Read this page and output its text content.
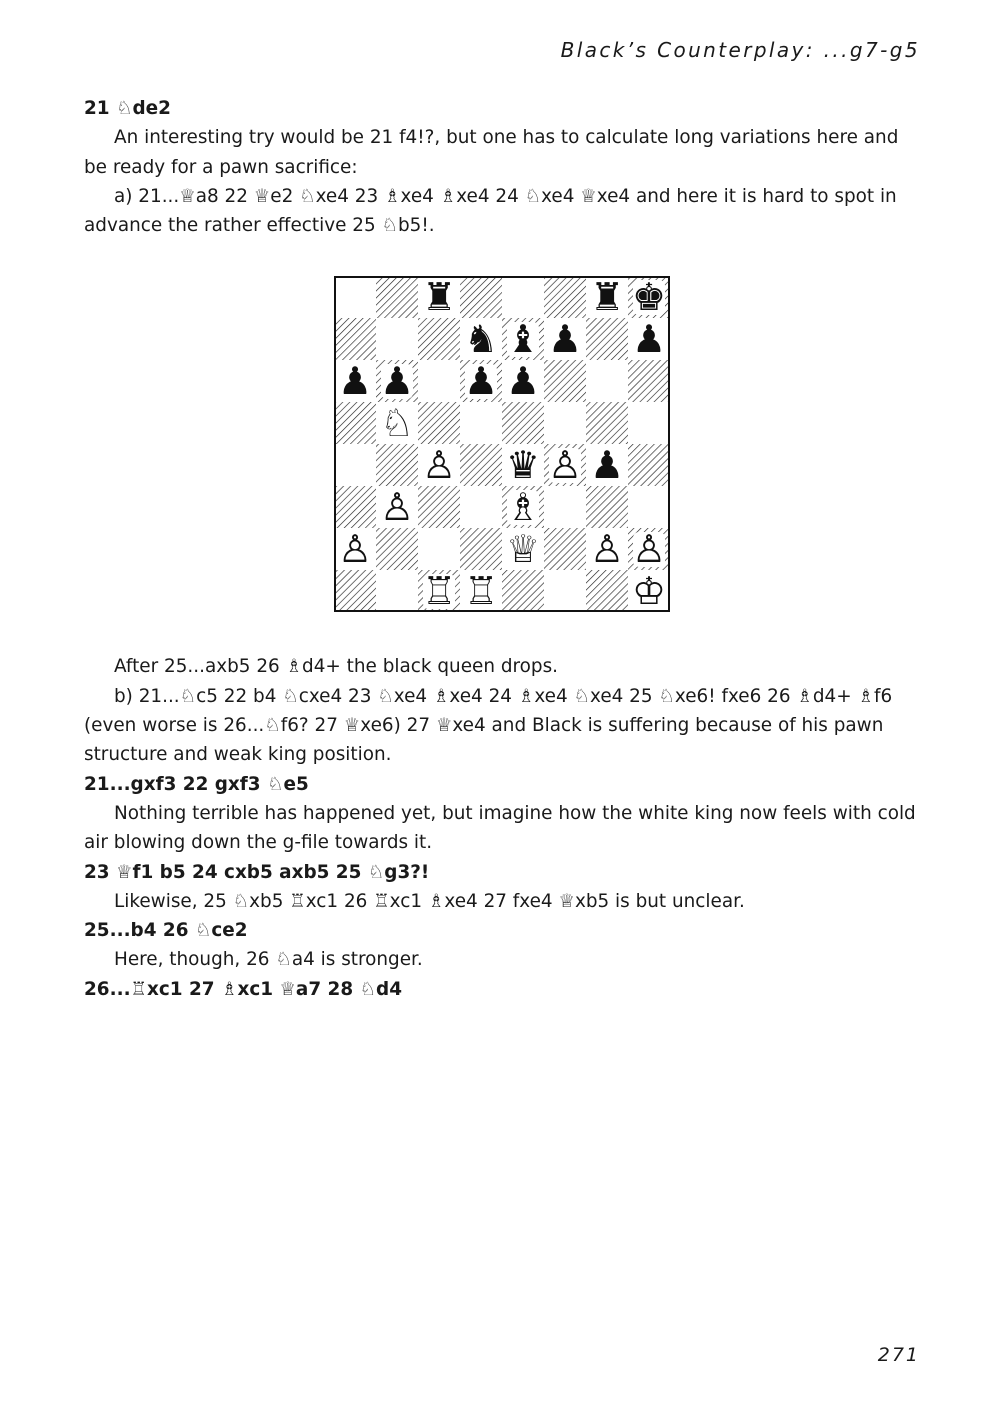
Black’s Counterplay: ...g7-g5

21 ♘de2

An interesting try would be 21 f4!?, but one has to calculate long variations here and be ready for a pawn sacrifice:

a) 21...♕a8 22 ♕e2 ♘xe4 23 ♗xe4 ♗xe4 24 ♘xe4 ♕xe4 and here it is hard to spot in advance the rather effective 25 ♘b5!.

♜	♜ ♚
♞ ♝ ♟ ♟
♟ ♟ ♟ ♟
♘
♙ ♛ ♙ ♟
♙ ♗
♙	♕ ♙ ♙
♖ ♖	♔

After 25...axb5 26 ♗d4+ the black queen drops.

b) 21...♘c5 22 b4 ♘cxe4 23 ♘xe4 ♗xe4 24 ♗xe4 ♘xe4 25 ♘xe6! fxe6 26 ♗d4+ ♗f6 (even worse is 26...♘f6? 27 ♕xe6) 27 ♕xe4 and Black is suffering because of his pawn structure and weak king position.

21...gxf3 22 gxf3 ♘e5

Nothing terrible has happened yet, but imagine how the white king now feels with cold air blowing down the g-file towards it.

23 ♕f1 b5 24 cxb5 axb5 25 ♘g3?!

Likewise, 25 ♘xb5 ♖xc1 26 ♖xc1 ♗xe4 27 fxe4 ♕xb5 is but unclear.

25...b4 26 ♘ce2

Here, though, 26 ♘a4 is stronger.

26...♖xc1 27 ♗xc1 ♕a7 28 ♘d4

271
